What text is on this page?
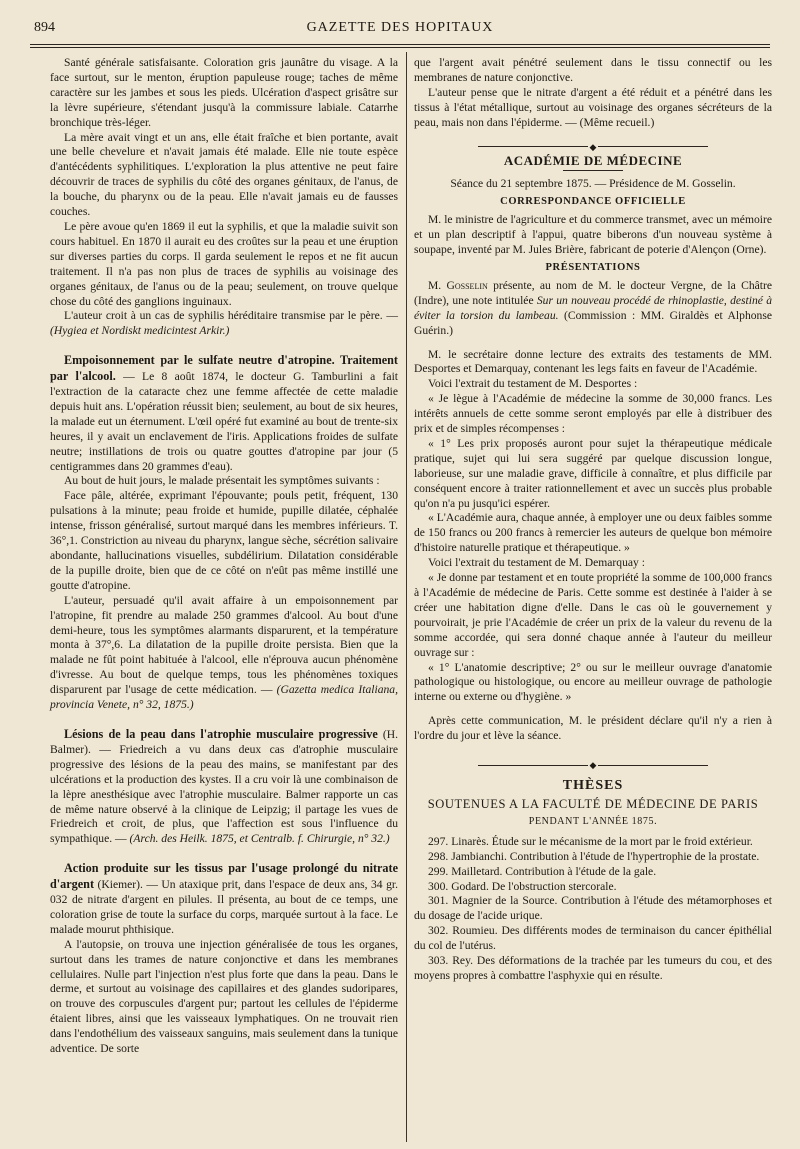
894	GAZETTE DES HOPITAUX

Santé générale satisfaisante. Coloration gris jaunâtre du visage. A la face surtout, sur le menton, éruption papuleuse rouge; taches de même caractère sur les jambes et sous les pieds. Ulcération d'aspect grisâtre sur la lèvre supérieure, s'étendant jusqu'à la commissure labiale. Catarrhe bronchique très-léger.

La mère avait vingt et un ans, elle était fraîche et bien portante, avait une belle chevelure et n'avait jamais été malade. Elle nie toute espèce d'antécédents syphilitiques. L'exploration la plus attentive ne peut faire découvrir de traces de syphilis du côté des organes génitaux, de l'anus, de la bouche, du pharynx ou de la peau. Elle n'avait jamais eu de fausses couches.

Le père avoue qu'en 1869 il eut la syphilis, et que la maladie suivit son cours habituel. En 1870 il aurait eu des croûtes sur la peau et une éruption sur diverses parties du corps. Il garda seulement le repos et ne fit aucun traitement. Il n'a pas non plus de traces de syphilis au voisinage des organes génitaux, de l'anus ou de la peau; seulement, on trouve quelque chose du côté des ganglions inguinaux.

L'auteur croit à un cas de syphilis héréditaire transmise par le père. — (Hygiea et Nordiskt medicintest Arkir.)

Empoisonnement par le sulfate neutre d'atropine. Traitement par l'alcool. — Le 8 août 1874, le docteur G. Tamburlini a fait l'extraction de la cataracte chez une femme affectée de cette maladie depuis huit ans. L'opération réussit bien; seulement, au bout de six heures, la malade eut un éternument. L'œil opéré fut examiné au bout de trente-six heures, il y avait un enclavement de l'iris. Applications froides de sulfate neutre; instillations de trois ou quatre gouttes d'atropine par jour (5 centigrammes dans 20 grammes d'eau).

Au bout de huit jours, le malade présentait les symptômes suivants :

Face pâle, altérée, exprimant l'épouvante; pouls petit, fréquent, 130 pulsations à la minute; peau froide et humide, pupille dilatée, céphalée intense, frisson généralisé, surtout marqué dans les membres inférieurs. T. 36°,1. Constriction au niveau du pharynx, langue sèche, sécrétion salivaire abondante, hallucinations visuelles, subdélirium. Dilatation considérable de la pupille droite, bien que de ce côté on n'eût pas même instillé une goutte d'atropine.

L'auteur, persuadé qu'il avait affaire à un empoisonnement par l'atropine, fit prendre au malade 250 grammes d'alcool. Au bout d'une demi-heure, tous les symptômes alarmants disparurent, et la température monta à 37°,6. La dilatation de la pupille droite persista. Bien que la malade ne fût point habituée à l'alcool, elle n'éprouva aucun phénomène d'ivresse. Au bout de quelque temps, tous les phénomènes toxiques disparurent par l'usage de cette médication. — (Gazetta medica Italiana, provincia Venete, n° 32, 1875.)

Lésions de la peau dans l'atrophie musculaire progressive (H. Balmer). — Friedreich a vu dans deux cas d'atrophie musculaire progressive des lésions de la peau des mains, se manifestant par des ulcérations et la production des kystes. Il a cru voir là une combinaison de la lèpre anesthésique avec l'atrophie musculaire. Balmer rapporte un cas de même nature observé à la clinique de Leipzig; il partage les vues de Friedreich et croit, de plus, que l'affection est sous l'influence du sympathique. — (Arch. des Heilk. 1875, et Centralb. f. Chirurgie, n° 32.)

Action produite sur les tissus par l'usage prolongé du nitrate d'argent (Kiemer). — Un ataxique prit, dans l'espace de deux ans, 34 gr. 032 de nitrate d'argent en pilules. Il présenta, au bout de ce temps, une coloration grise de toute la surface du corps, marquée surtout à la face. Le malade mourut phthisique.

A l'autopsie, on trouva une injection généralisée de tous les organes, surtout dans les trames de nature conjonctive et dans les membranes cellulaires. Nulle part l'injection n'est plus forte que dans la peau. Dans le derme, et surtout au voisinage des capillaires et des glandes sudoripares, on trouve des corpuscules d'argent pur; partout les cellules de l'épiderme étaient libres, ainsi que les vaisseaux lymphatiques. On ne trouvait rien dans l'endothélium des vaisseaux sanguins, mais seulement dans la tunique adventice. De sorte

que l'argent avait pénétré seulement dans le tissu connectif ou les membranes de nature conjonctive.

L'auteur pense que le nitrate d'argent a été réduit et a pénétré dans les tissus à l'état métallique, surtout au voisinage des organes sécréteurs de la peau, mais non dans l'épiderme. — (Même recueil.)

◆
ACADÉMIE DE MÉDECINE

Séance du 21 septembre 1875. — Présidence de M. Gosselin.

CORRESPONDANCE OFFICIELLE

M. le ministre de l'agriculture et du commerce transmet, avec un mémoire et un plan descriptif à l'appui, quatre biberons d'un nouveau système à soupape, inventé par M. Jules Brière, fabricant de poterie d'Alençon (Orne).

PRÉSENTATIONS

M. Gosselin présente, au nom de M. le docteur Vergne, de la Châtre (Indre), une note intitulée Sur un nouveau procédé de rhinoplastie, destiné à éviter la torsion du lambeau. (Commission : MM. Giraldès et Alphonse Guérin.)

M. le secrétaire donne lecture des extraits des testaments de MM. Desportes et Demarquay, contenant les legs faits en faveur de l'Académie.

Voici l'extrait du testament de M. Desportes :

« Je lègue à l'Académie de médecine la somme de 30,000 francs. Les intérêts annuels de cette somme seront employés par elle à distribuer des prix et de simples récompenses :

« 1° Les prix proposés auront pour sujet la thérapeutique médicale pratique, sujet qui lui sera suggéré par quelque discussion longue, laborieuse, sur une maladie grave, difficile à connaître, et plus difficile par conséquent encore à traiter rationnellement et avec un succès plus probable qu'on n'a pu jusqu'ici espérer.

« L'Académie aura, chaque année, à employer une ou deux faibles somme de 150 francs ou 200 francs à remercier les auteurs de quelque bon mémoire d'histoire naturelle pratique et thérapeutique. »

Voici l'extrait du testament de M. Demarquay :

« Je donne par testament et en toute propriété la somme de 100,000 francs à l'Académie de médecine de Paris. Cette somme est destinée à l'aider à se créer une habitation digne d'elle. Dans le cas où le gouvernement y pourvoirait, je prie l'Académie de créer un prix de la valeur du revenu de la somme accordée, qui sera donné chaque année à l'auteur du meilleur ouvrage sur :

« 1° L'anatomie descriptive; 2° ou sur le meilleur ouvrage d'anatomie pathologique ou histologique, ou encore au meilleur ouvrage de pathologie interne ou externe ou d'hygiène. »

Après cette communication, M. le président déclare qu'il n'y a rien à l'ordre du jour et lève la séance.

◆
THÈSES
SOUTENUES A LA FACULTÉ DE MÉDECINE DE PARIS
PENDANT L'ANNÉE 1875.

297. Linarès. Étude sur le mécanisme de la mort par le froid extérieur.

298. Jambianchi. Contribution à l'étude de l'hypertrophie de la prostate.

299. Mailletard. Contribution à l'étude de la gale.

300. Godard. De l'obstruction stercorale.

301. Magnier de la Source. Contribution à l'étude des métamorphoses et du dosage de l'acide urique.

302. Roumieu. Des différents modes de terminaison du cancer épithélial du col de l'utérus.

303. Rey. Des déformations de la trachée par les tumeurs du cou, et des moyens propres à combattre l'asphyxie qui en résulte.
